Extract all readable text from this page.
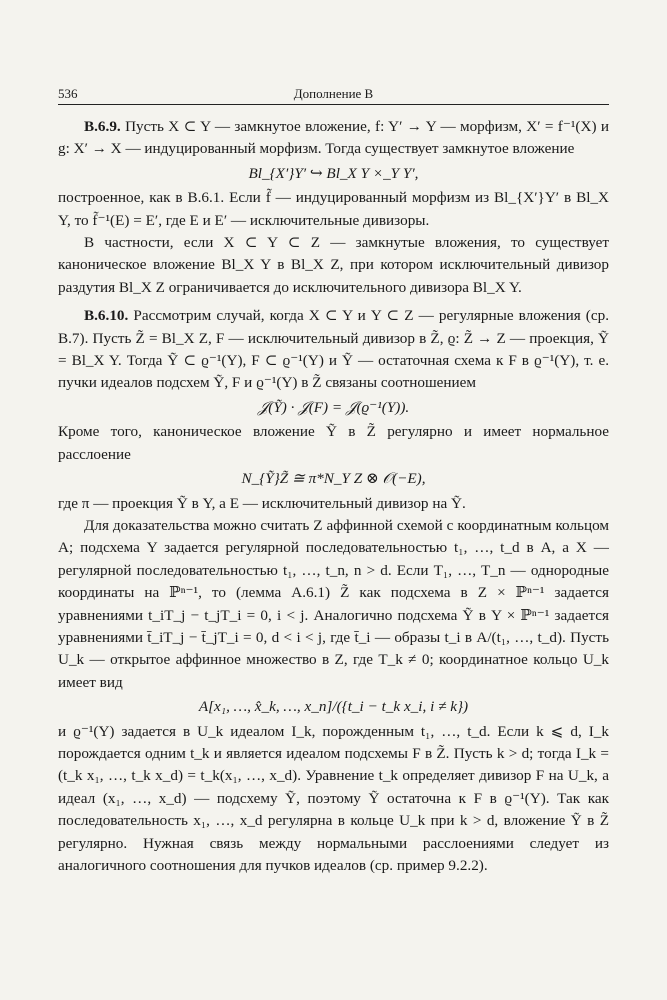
536	Дополнение B

B.6.9. Пусть X ⊂ Y — замкнутое вложение, f: Y′ → Y — морфизм, X′ = f⁻¹(X) и g: X′ → X — индуцированный морфизм. Тогда существует замкнутое вложение

Bl_{X′}Y′ ↪ Bl_X Y ×_Y Y′,

построенное, как в B.6.1. Если f̃ — индуцированный морфизм из Bl_{X′}Y′ в Bl_X Y, то f̃⁻¹(E) = E′, где E и E′ — исключительные дивизоры.

В частности, если X ⊂ Y ⊂ Z — замкнутые вложения, то существует каноническое вложение Bl_X Y в Bl_X Z, при котором исключительный дивизор раздутия Bl_X Z ограничивается до исключительного дивизора Bl_X Y.

B.6.10. Рассмотрим случай, когда X ⊂ Y и Y ⊂ Z — регулярные вложения (ср. B.7). Пусть Z̃ = Bl_X Z, F — исключительный дивизор в Z̃, ϱ: Z̃ → Z — проекция, Ỹ = Bl_X Y. Тогда Ỹ ⊂ ϱ⁻¹(Y), F ⊂ ϱ⁻¹(Y) и Ỹ — остаточная схема к F в ϱ⁻¹(Y), т. е. пучки идеалов подсхем Ỹ, F и ϱ⁻¹(Y) в Z̃ связаны соотношением

𝒥(Ỹ) · 𝒥(F) = 𝒥(ϱ⁻¹(Y)).

Кроме того, каноническое вложение Ỹ в Z̃ регулярно и имеет нормальное расслоение

N_{Ỹ}Z̃ ≅ π*N_Y Z ⊗ 𝒪(−E),

где π — проекция Ỹ в Y, а E — исключительный дивизор на Ỹ.

Для доказательства можно считать Z аффинной схемой с координатным кольцом A; подсхема Y задается регулярной последовательностью t₁, …, t_d в A, а X — регулярной последовательностью t₁, …, t_n, n > d. Если T₁, …, T_n — однородные координаты на ℙⁿ⁻¹, то (лемма A.6.1) Z̃ как подсхема в Z × ℙⁿ⁻¹ задается уравнениями t_iT_j − t_jT_i = 0, i < j. Аналогично подсхема Ỹ в Y × ℙⁿ⁻¹ задается уравнениями t̄_iT_j − t̄_jT_i = 0, d < i < j, где t̄_i — образы t_i в A/(t₁, …, t_d). Пусть U_k — открытое аффинное множество в Z, где T_k ≠ 0; координатное кольцо U_k имеет вид

A[x₁, …, x̂_k, …, x_n]/({t_i − t_k x_i, i ≠ k})

и ϱ⁻¹(Y) задается в U_k идеалом I_k, порожденным t₁, …, t_d. Если k ⩽ d, I_k порождается одним t_k и является идеалом подсхемы F в Z̃. Пусть k > d; тогда I_k = (t_k x₁, …, t_k x_d) = t_k(x₁, …, x_d). Уравнение t_k определяет дивизор F на U_k, а идеал (x₁, …, x_d) — подсхему Ỹ, поэтому Ỹ остаточна к F в ϱ⁻¹(Y). Так как последовательность x₁, …, x_d регулярна в кольце U_k при k > d, вложение Ỹ в Z̃ регулярно. Нужная связь между нормальными расслоениями следует из аналогичного соотношения для пучков идеалов (ср. пример 9.2.2).
